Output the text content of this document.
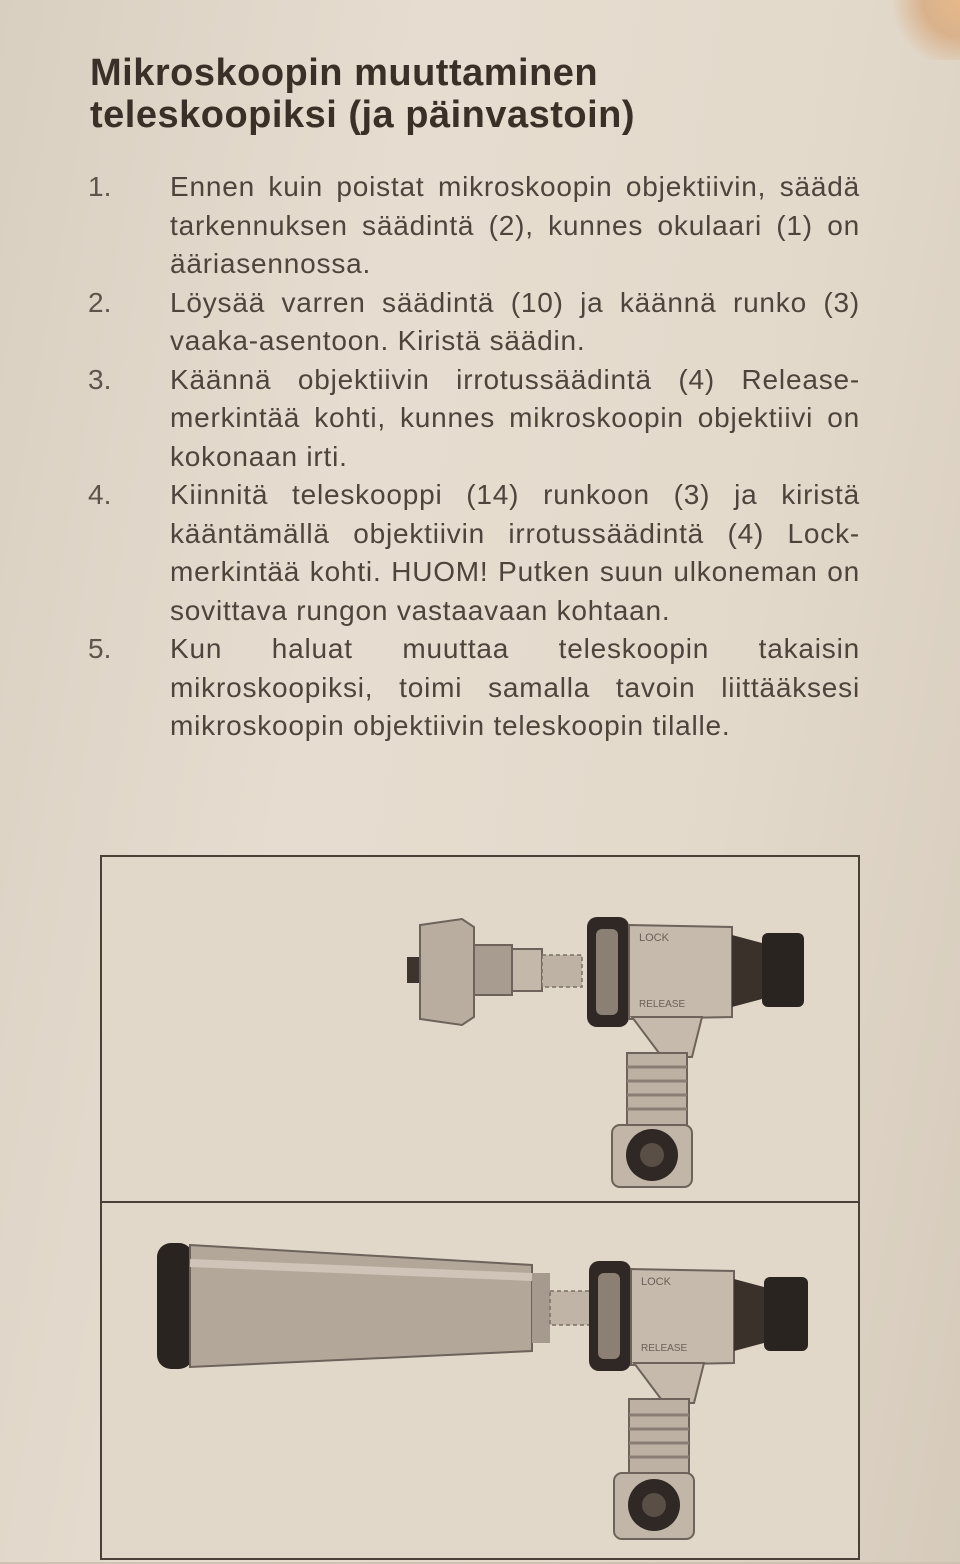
Mikroskoopin muuttaminen
teleskoopiksi (ja päinvastoin)
1.	Ennen kuin poistat mikroskoopin objektiivin, säädä tarkennuksen säädintä (2), kunnes okulaari (1) on ääriasennossa.
2.	Löysää varren säädintä (10) ja käännä runko (3) vaaka-asentoon. Kiristä säädin.
3.	Käännä objektiivin irrotussäädintä (4) Release-merkintää kohti, kunnes mikroskoopin objektiivi on kokonaan irti.
4.	Kiinnitä teleskooppi (14) runkoon (3) ja kiristä kääntämällä objektiivin irrotussäädintä (4) Lock-merkintää kohti. HUOM! Putken suun ulkoneman on sovittava rungon vastaavaan kohtaan.
5.	Kun haluat muuttaa teleskoopin takaisin mikroskoopiksi, toimi samalla tavoin liittääksesi mikroskoopin objektiivin teleskoopin tilalle.
LOCK
RELEASE
LOCK
RELEASE
